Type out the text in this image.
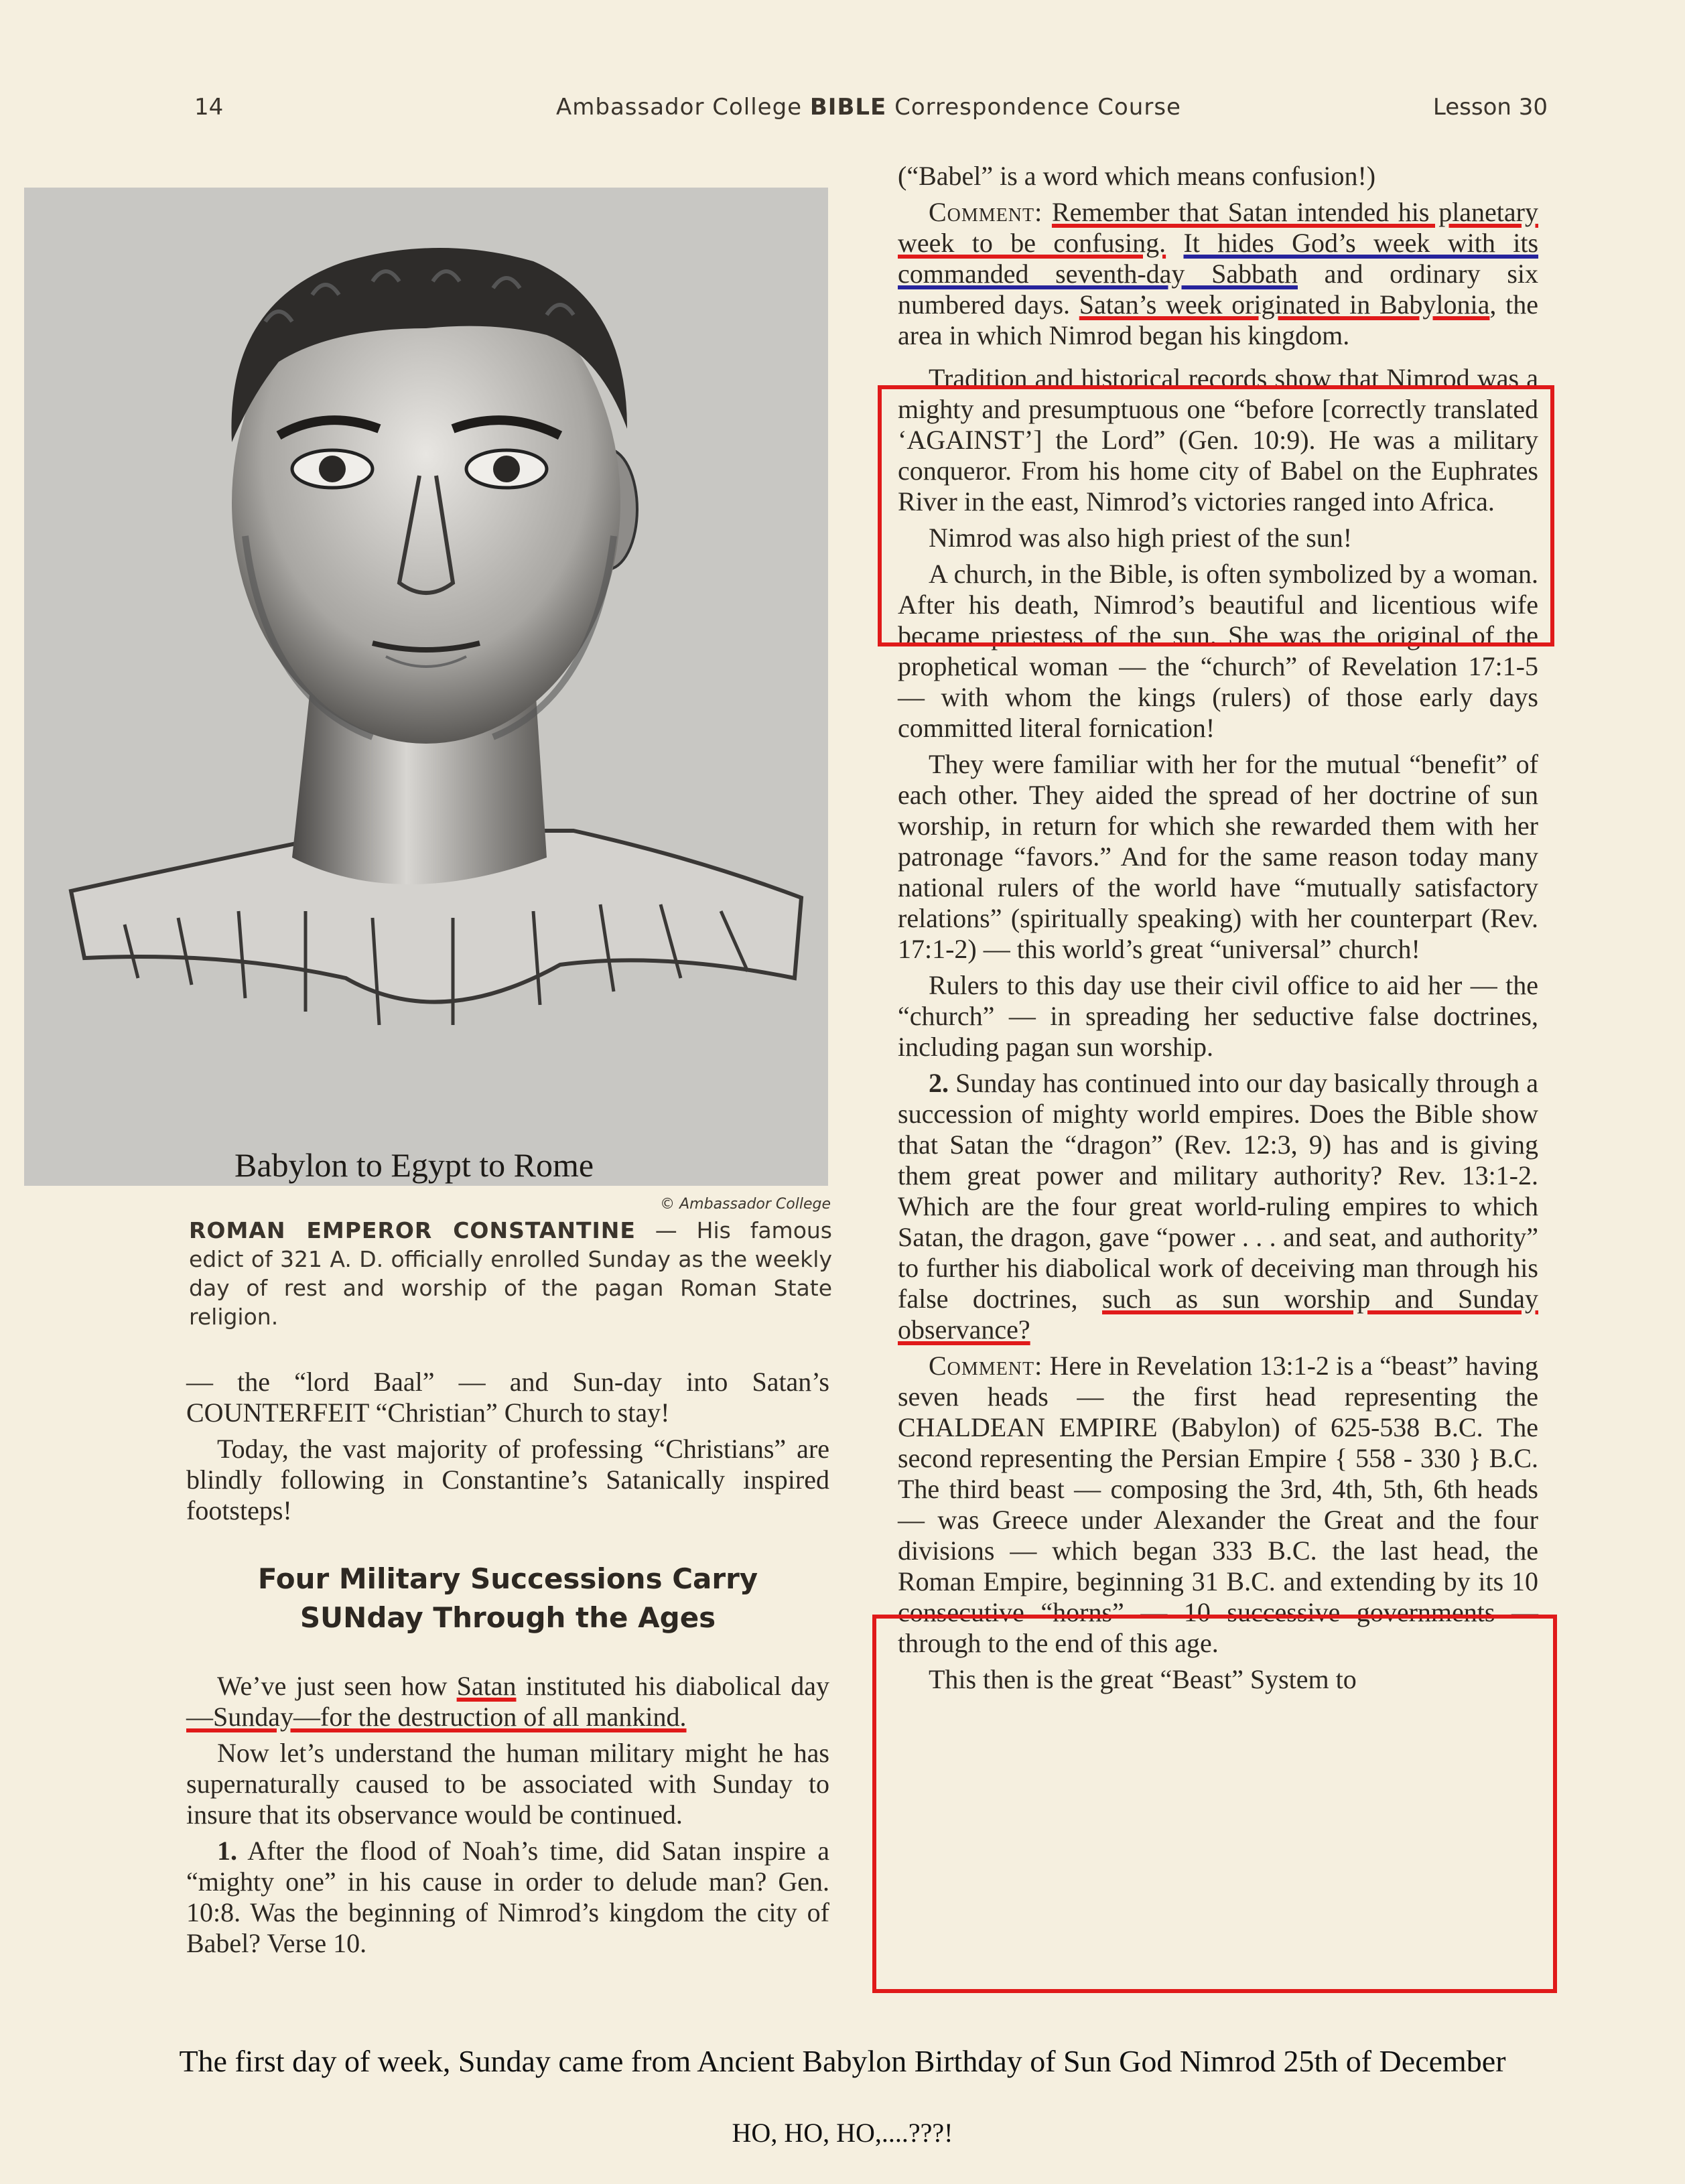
14	Ambassador College BIBLE Correspondence Course	Lesson 30
Babylon to Egypt to Rome
© Ambassador College
ROMAN EMPEROR CONSTANTINE — His famous edict of 321 A. D. officially enrolled Sunday as the weekly day of rest and worship of the pagan Roman State religion.

— the “lord Baal” — and Sun-day into Satan’s COUNTERFEIT “Christian” Church to stay!

Today, the vast majority of professing “Christians” are blindly following in Constantine’s Satanically inspired footsteps!

Four Military Successions Carry
SUNday Through the Ages

We’ve just seen how Satan instituted his diabolical day—Sunday—for the destruction of all mankind.

Now let’s understand the human military might he has supernaturally caused to be associated with Sunday to insure that its observance would be continued.

1. After the flood of Noah’s time, did Satan inspire a “mighty one” in his cause in order to delude man? Gen. 10:8. Was the beginning of Nimrod’s kingdom the city of Babel? Verse 10.

(“Babel” is a word which means confusion!)

Comment: Remember that Satan intended his planetary week to be confusing. It hides God’s week with its commanded seventh-day Sabbath and ordinary six numbered days. Satan’s week originated in Babylonia, the area in which Nimrod began his kingdom.

Tradition and historical records show that Nimrod was a mighty and presumptuous one “before [correctly translated ‘AGAINST’] the Lord” (Gen. 10:9). He was a military conqueror. From his home city of Babel on the Euphrates River in the east, Nimrod’s victories ranged into Africa.

Nimrod was also high priest of the sun!

A church, in the Bible, is often symbolized by a woman. After his death, Nimrod’s beautiful and licentious wife became priestess of the sun. She was the original of the prophetical woman — the “church” of Revelation 17:1-5 — with whom the kings (rulers) of those early days committed literal fornication!

They were familiar with her for the mutual “benefit” of each other. They aided the spread of her doctrine of sun worship, in return for which she rewarded them with her patronage “favors.” And for the same reason today many national rulers of the world have “mutually satisfactory relations” (spiritually speaking) with her counterpart (Rev. 17:1-2) — this world’s great “universal” church!

Rulers to this day use their civil office to aid her — the “church” — in spreading her seductive false doctrines, including pagan sun worship.

2. Sunday has continued into our day basically through a succession of mighty world empires. Does the Bible show that Satan the “dragon” (Rev. 12:3, 9) has and is giving them great power and military authority? Rev. 13:1-2. Which are the four great world-ruling empires to which Satan, the dragon, gave “power . . . and seat, and authority” to further his diabolical work of deceiving man through his false doctrines, such as sun worship and Sunday observance?

Comment: Here in Revelation 13:1-2 is a “beast” having seven heads — the first head representing the CHALDEAN EMPIRE (Babylon) of 625-538 B.C. The second representing the Persian Empire { 558 - 330 } B.C. The third beast — composing the 3rd, 4th, 5th, 6th heads — was Greece under Alexander the Great and the four divisions — which began 333 B.C. the last head, the Roman Empire, beginning 31 B.C. and extending by its 10 consecutive “horns” — 10 successive governments — through to the end of this age.

This then is the great “Beast” System to

The first day of week, Sunday came from Ancient Babylon Birthday of Sun God Nimrod 25th of December
HO, HO, HO,....???!
